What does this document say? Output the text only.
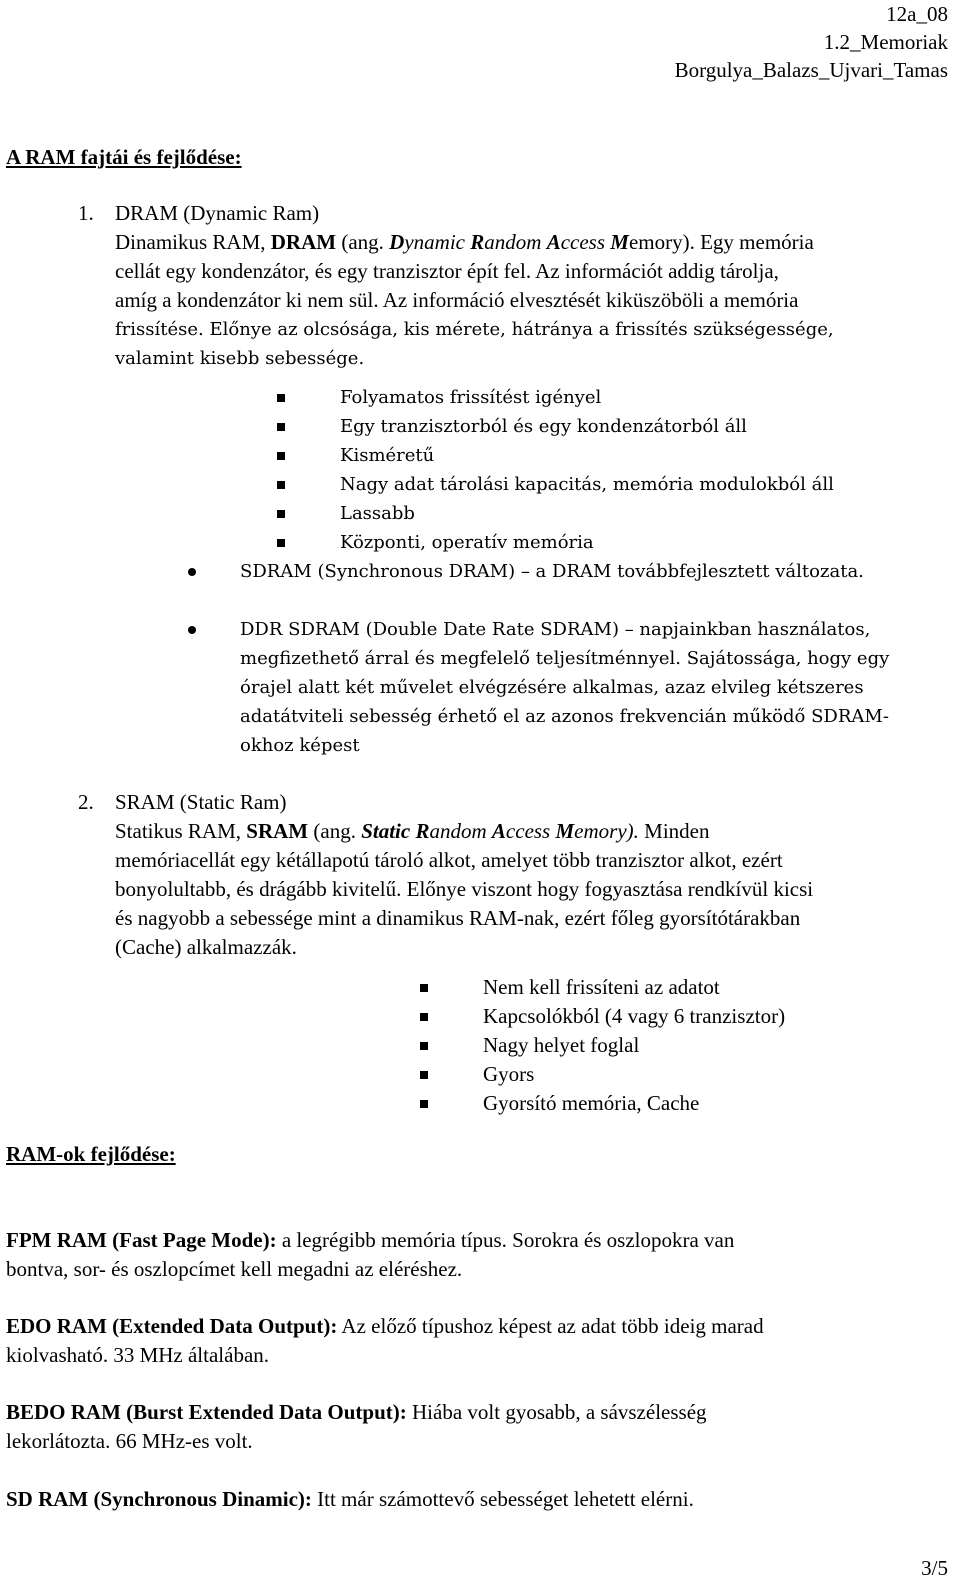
12a_08
1.2_Memoriak
Borgulya_Balazs_Ujvari_Tamas
A RAM fajtái és fejlődése:
1. DRAM (Dynamic Ram)
Dinamikus RAM, DRAM (ang. Dynamic Random Access Memory). Egy memória
cellát egy kondenzátor, és egy tranzisztor épít fel. Az információt addig tárolja,
amíg a kondenzátor ki nem sül. Az információ elvesztését kiküszöböli a memória
frissítése. Előnye az olcsósága, kis mérete, hátránya a frissítés szükségessége,
valamint kisebb sebessége.
Folyamatos frissítést igényel
Egy tranzisztorból és egy kondenzátorból áll
Kisméretű
Nagy adat tárolási kapacitás, memória modulokból áll
Lassabb
Központi, operatív memória
SDRAM (Synchronous DRAM) – a DRAM továbbfejlesztett változata.
DDR SDRAM (Double Date Rate SDRAM) – napjainkban használatos,
megfizethető árral és megfelelő teljesítménnyel. Sajátossága, hogy egy
órajel alatt két művelet elvégzésére alkalmas, azaz elvileg kétszeres
adatátviteli sebesség érhető el az azonos frekvencián működő SDRAM-
okhoz képest
2. SRAM (Static Ram)
Statikus RAM, SRAM (ang. Static Random Access Memory). Minden
memóriacellát egy kétállapotú tároló alkot, amelyet több tranzisztor alkot, ezért
bonyolultabb, és drágább kivitelű. Előnye viszont hogy fogyasztása rendkívül kicsi
és nagyobb a sebessége mint a dinamikus RAM-nak, ezért főleg gyorsítótárakban
(Cache) alkalmazzák.
Nem kell frissíteni az adatot
Kapcsolókból (4 vagy 6 tranzisztor)
Nagy helyet foglal
Gyors
Gyorsító memória, Cache
RAM-ok fejlődése:
FPM RAM (Fast Page Mode): a legrégibb memória típus. Sorokra és oszlopokra van
bontva, sor- és oszlopcímet kell megadni az eléréshez.
EDO RAM (Extended Data Output): Az előző típushoz képest az adat több ideig marad
kiolvasható. 33 MHz általában.
BEDO RAM (Burst Extended Data Output): Hiába volt gyosabb, a sávszélesség
lekorlátozta. 66 MHz-es volt.
SD RAM (Synchronous Dinamic): Itt már számottevő sebességet lehetett elérni.
3/5
